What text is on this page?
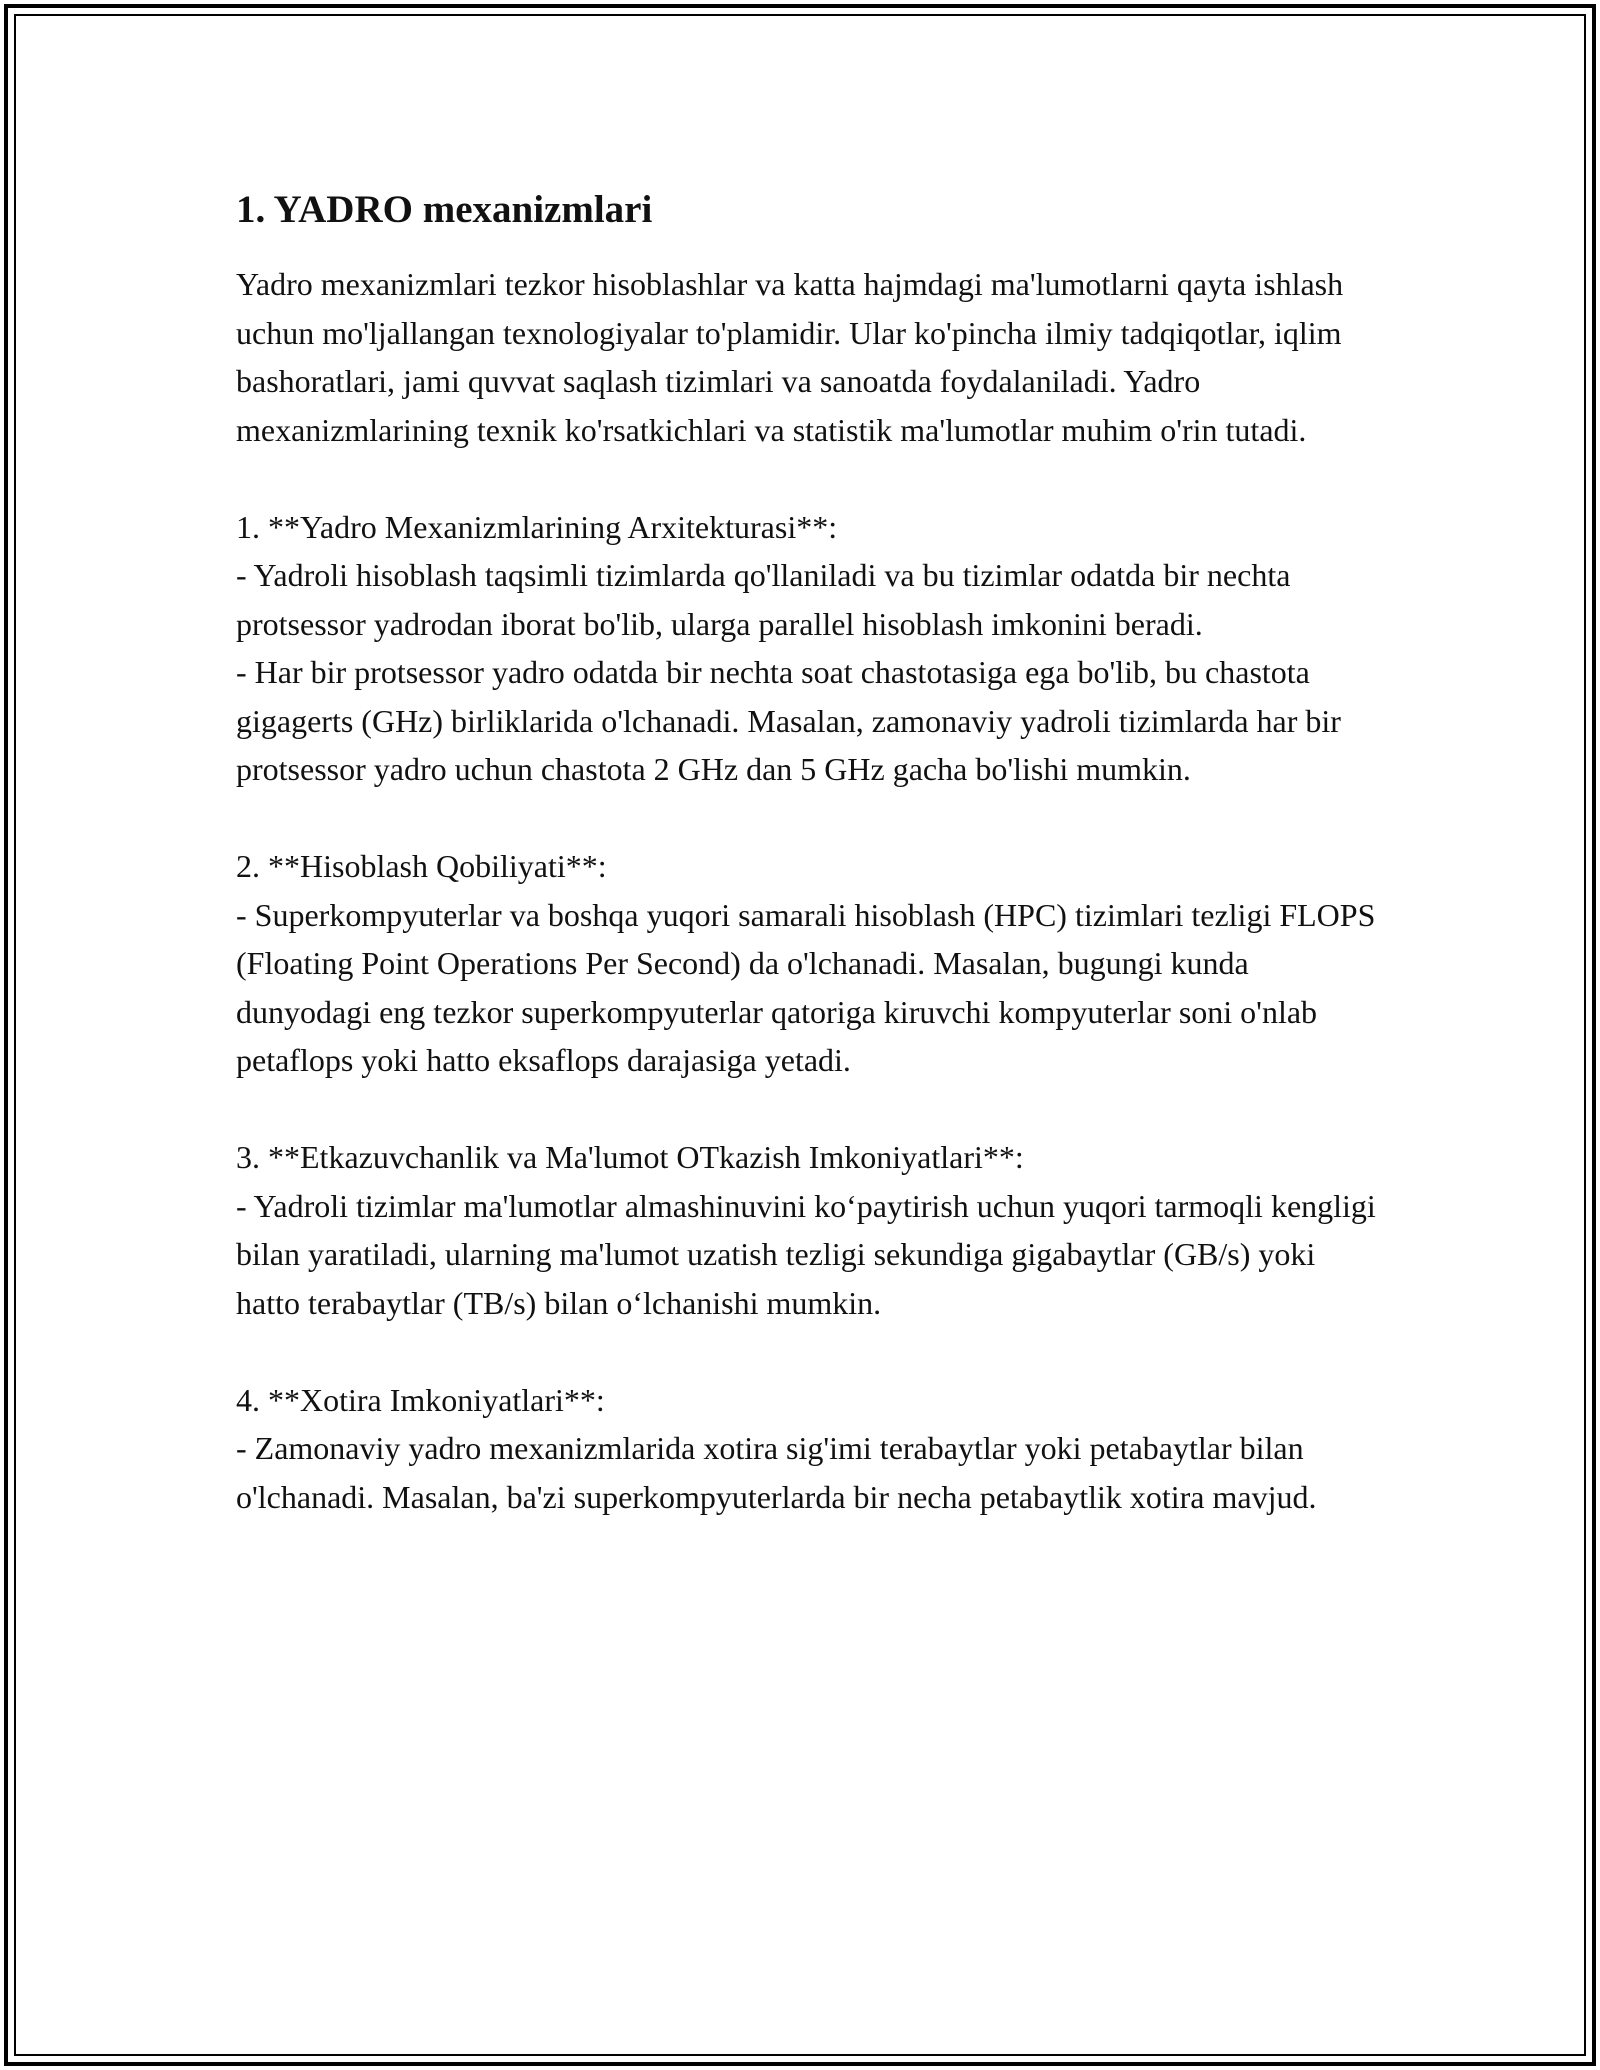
1. YADRO mexanizmlari

Yadro mexanizmlari tezkor hisoblashlar va katta hajmdagi ma'lumotlarni qayta ishlash uchun mo'ljallangan texnologiyalar to'plamidir. Ular ko'pincha ilmiy tadqiqotlar, iqlim bashoratlari, jami quvvat saqlash tizimlari va sanoatda foydalaniladi. Yadro mexanizmlarining texnik ko'rsatkichlari va statistik ma'lumotlar muhim o'rin tutadi.

1. **Yadro Mexanizmlarining Arxitekturasi**:

- Yadroli hisoblash taqsimli tizimlarda qo'llaniladi va bu tizimlar odatda bir nechta protsessor yadrodan iborat bo'lib, ularga parallel hisoblash imkonini beradi.

- Har bir protsessor yadro odatda bir nechta soat chastotasiga ega bo'lib, bu chastota gigagerts (GHz) birliklarida o'lchanadi. Masalan, zamonaviy yadroli tizimlarda har bir protsessor yadro uchun chastota 2 GHz dan 5 GHz gacha bo'lishi mumkin.

2. **Hisoblash Qobiliyati**:

- Superkompyuterlar va boshqa yuqori samarali hisoblash (HPC) tizimlari tezligi FLOPS (Floating Point Operations Per Second) da o'lchanadi. Masalan, bugungi kunda dunyodagi eng tezkor superkompyuterlar qatoriga kiruvchi kompyuterlar soni o'nlab petaflops yoki hatto eksaflops darajasiga yetadi.

3. **Etkazuvchanlik va Ma'lumot OTkazish Imkoniyatlari**:

- Yadroli tizimlar ma'lumotlar almashinuvini ko‘paytirish uchun yuqori tarmoqli kengligi bilan yaratiladi, ularning ma'lumot uzatish tezligi sekundiga gigabaytlar (GB/s) yoki hatto terabaytlar (TB/s) bilan o‘lchanishi mumkin.

4. **Xotira Imkoniyatlari**:

- Zamonaviy yadro mexanizmlarida xotira sig'imi terabaytlar yoki petabaytlar bilan o'lchanadi. Masalan, ba'zi superkompyuterlarda bir necha petabaytlik xotira mavjud.
